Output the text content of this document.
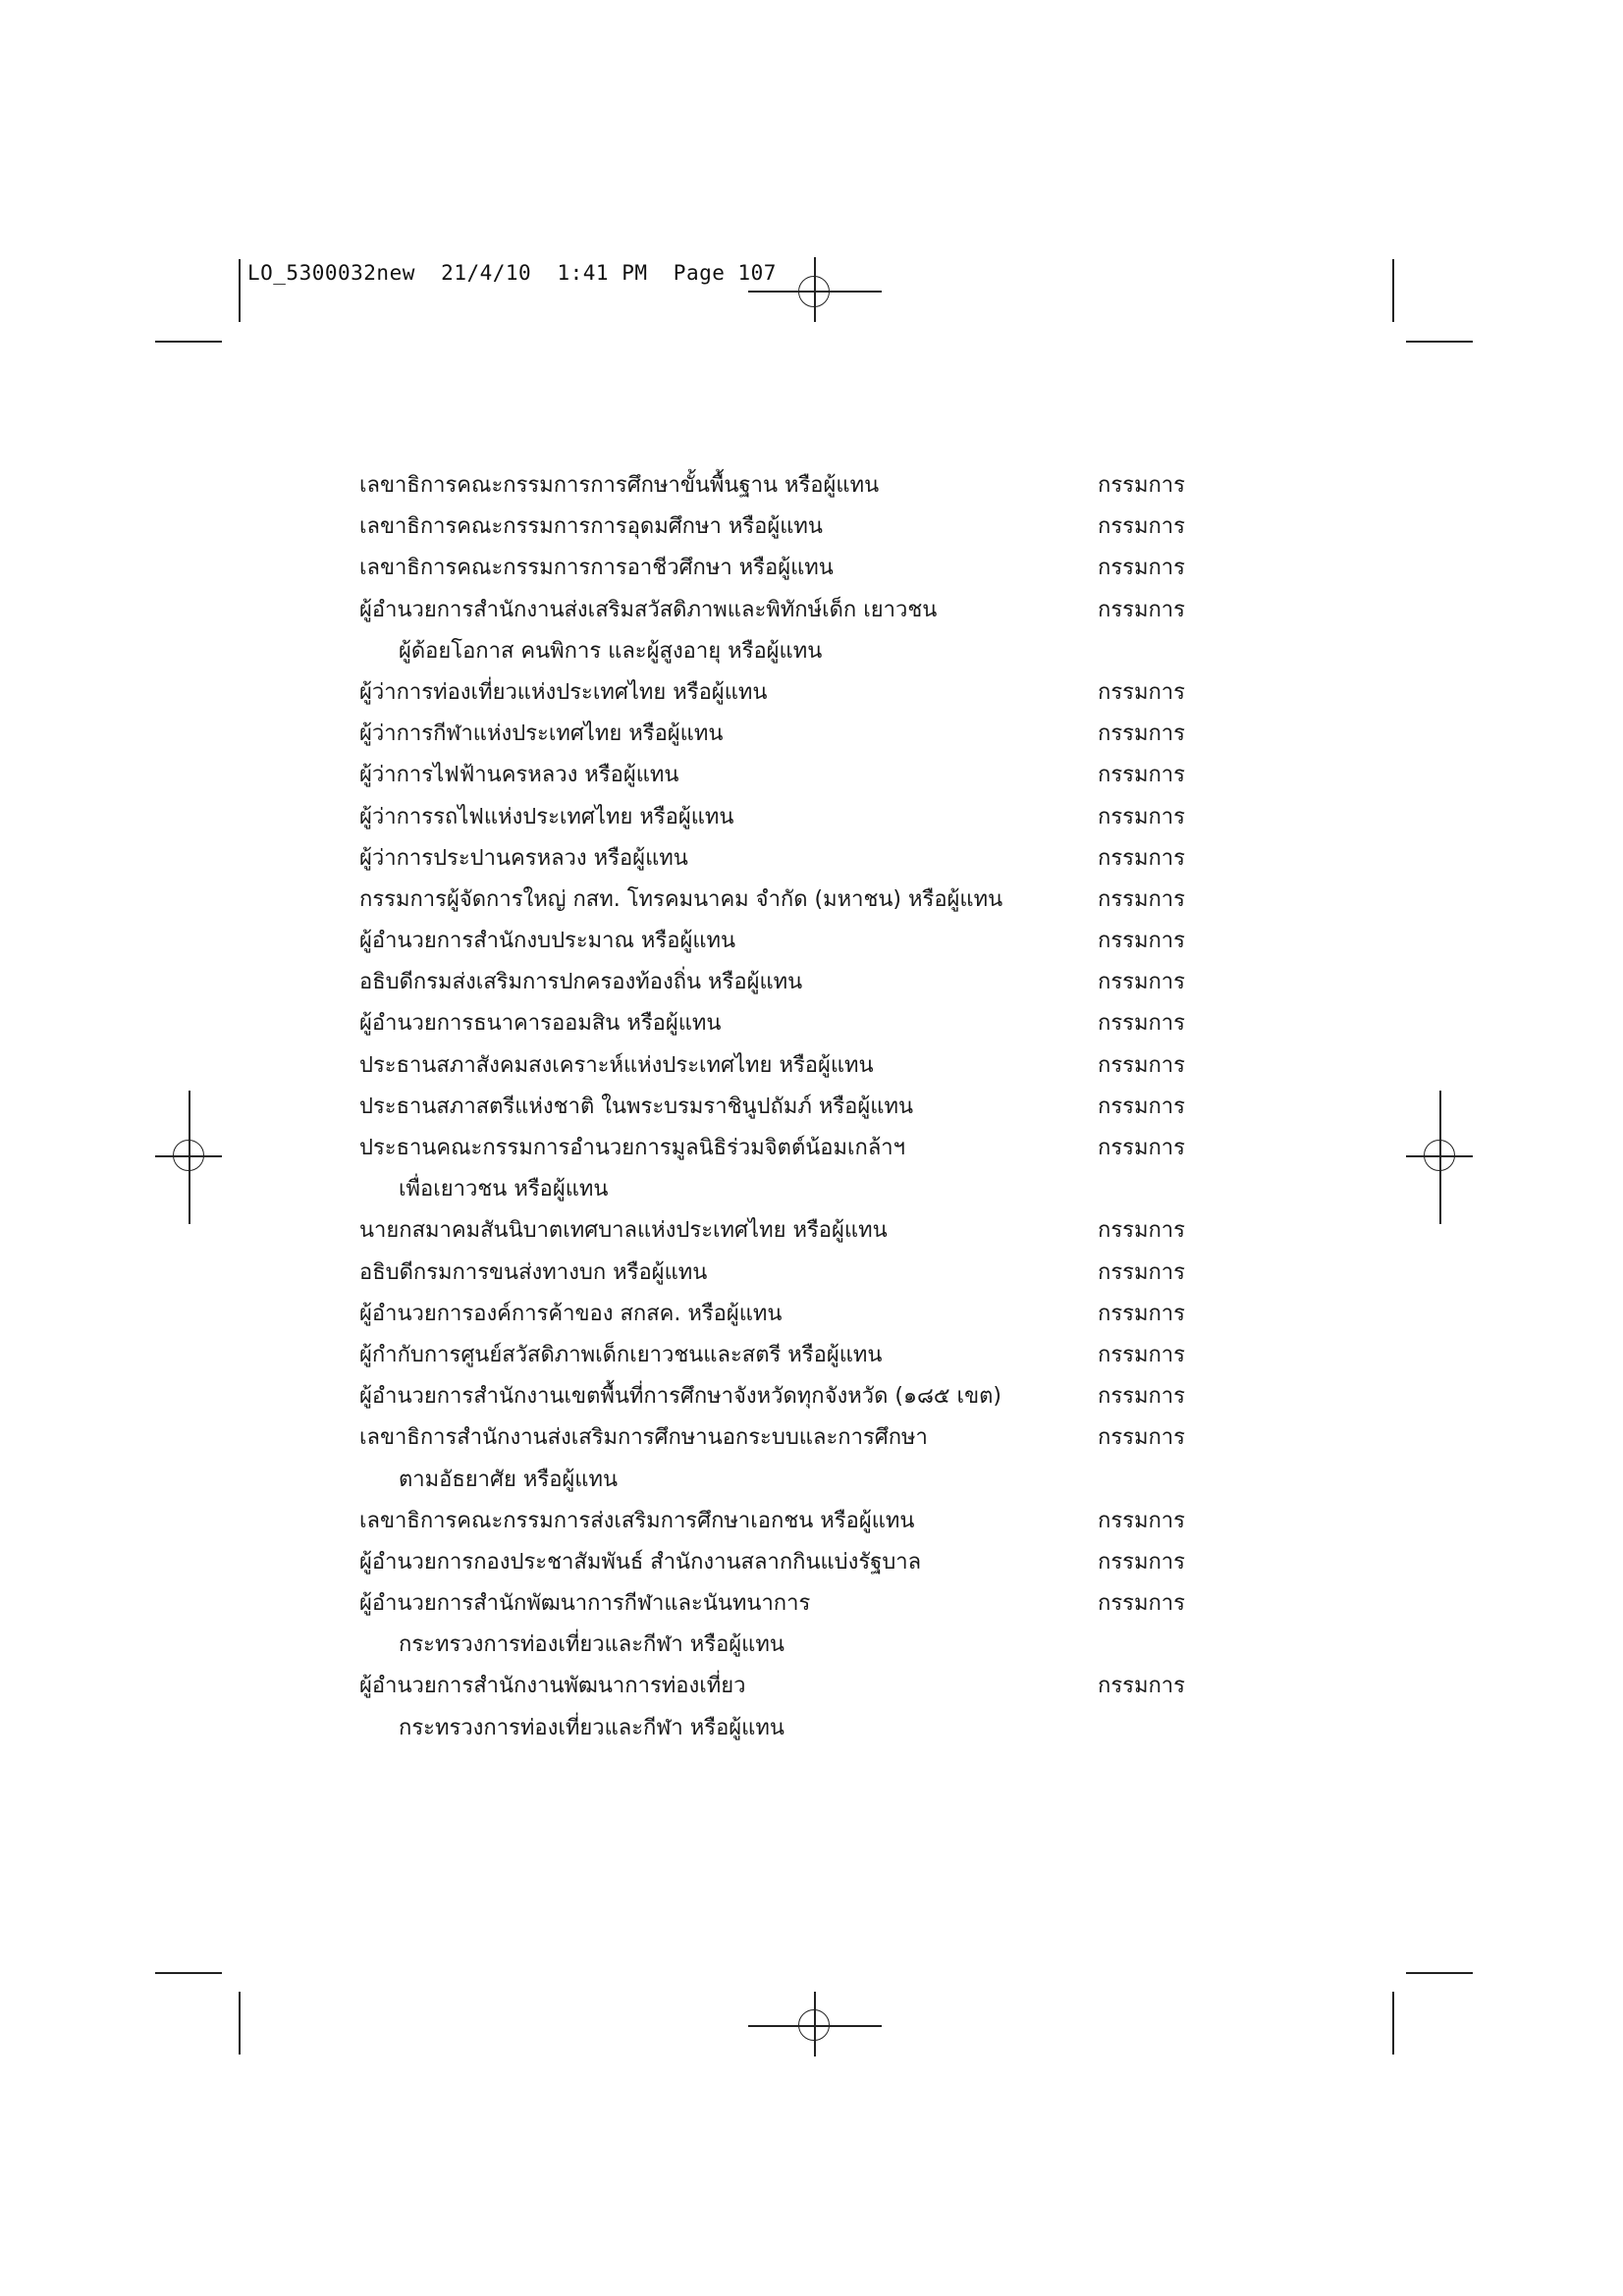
LO_5300032new 21/4/10 1:41 PM Page 107
เลขาธิการคณะกรรมการการศึกษาขั้นพื้นฐาน หรือผู้แทน	กรรมการ
เลขาธิการคณะกรรมการการอุดมศึกษา หรือผู้แทน	กรรมการ
เลขาธิการคณะกรรมการการอาชีวศึกษา หรือผู้แทน	กรรมการ
ผู้อำนวยการสำนักงานส่งเสริมสวัสดิภาพและพิทักษ์เด็ก เยาวชน	กรรมการ
ผู้ด้อยโอกาส คนพิการ และผู้สูงอายุ หรือผู้แทน
ผู้ว่าการท่องเที่ยวแห่งประเทศไทย หรือผู้แทน	กรรมการ
ผู้ว่าการกีฬาแห่งประเทศไทย หรือผู้แทน	กรรมการ
ผู้ว่าการไฟฟ้านครหลวง หรือผู้แทน	กรรมการ
ผู้ว่าการรถไฟแห่งประเทศไทย หรือผู้แทน	กรรมการ
ผู้ว่าการประปานครหลวง หรือผู้แทน	กรรมการ
กรรมการผู้จัดการใหญ่ กสท. โทรคมนาคม จำกัด (มหาชน) หรือผู้แทน	กรรมการ
ผู้อำนวยการสำนักงบประมาณ หรือผู้แทน	กรรมการ
อธิบดีกรมส่งเสริมการปกครองท้องถิ่น หรือผู้แทน	กรรมการ
ผู้อำนวยการธนาคารออมสิน หรือผู้แทน	กรรมการ
ประธานสภาสังคมสงเคราะห์แห่งประเทศไทย หรือผู้แทน	กรรมการ
ประธานสภาสตรีแห่งชาติ ในพระบรมราชินูปถัมภ์ หรือผู้แทน	กรรมการ
ประธานคณะกรรมการอำนวยการมูลนิธิร่วมจิตต์น้อมเกล้าฯ	กรรมการ
เพื่อเยาวชน หรือผู้แทน
นายกสมาคมสันนิบาตเทศบาลแห่งประเทศไทย หรือผู้แทน	กรรมการ
อธิบดีกรมการขนส่งทางบก หรือผู้แทน	กรรมการ
ผู้อำนวยการองค์การค้าของ สกสค. หรือผู้แทน	กรรมการ
ผู้กำกับการศูนย์สวัสดิภาพเด็กเยาวชนและสตรี หรือผู้แทน	กรรมการ
ผู้อำนวยการสำนักงานเขตพื้นที่การศึกษาจังหวัดทุกจังหวัด (๑๘๕ เขต)	กรรมการ
เลขาธิการสำนักงานส่งเสริมการศึกษานอกระบบและการศึกษา	กรรมการ
ตามอัธยาศัย หรือผู้แทน
เลขาธิการคณะกรรมการส่งเสริมการศึกษาเอกชน หรือผู้แทน	กรรมการ
ผู้อำนวยการกองประชาสัมพันธ์ สำนักงานสลากกินแบ่งรัฐบาล	กรรมการ
ผู้อำนวยการสำนักพัฒนาการกีฬาและนันทนาการ	กรรมการ
กระทรวงการท่องเที่ยวและกีฬา หรือผู้แทน
ผู้อำนวยการสำนักงานพัฒนาการท่องเที่ยว	กรรมการ
กระทรวงการท่องเที่ยวและกีฬา หรือผู้แทน
